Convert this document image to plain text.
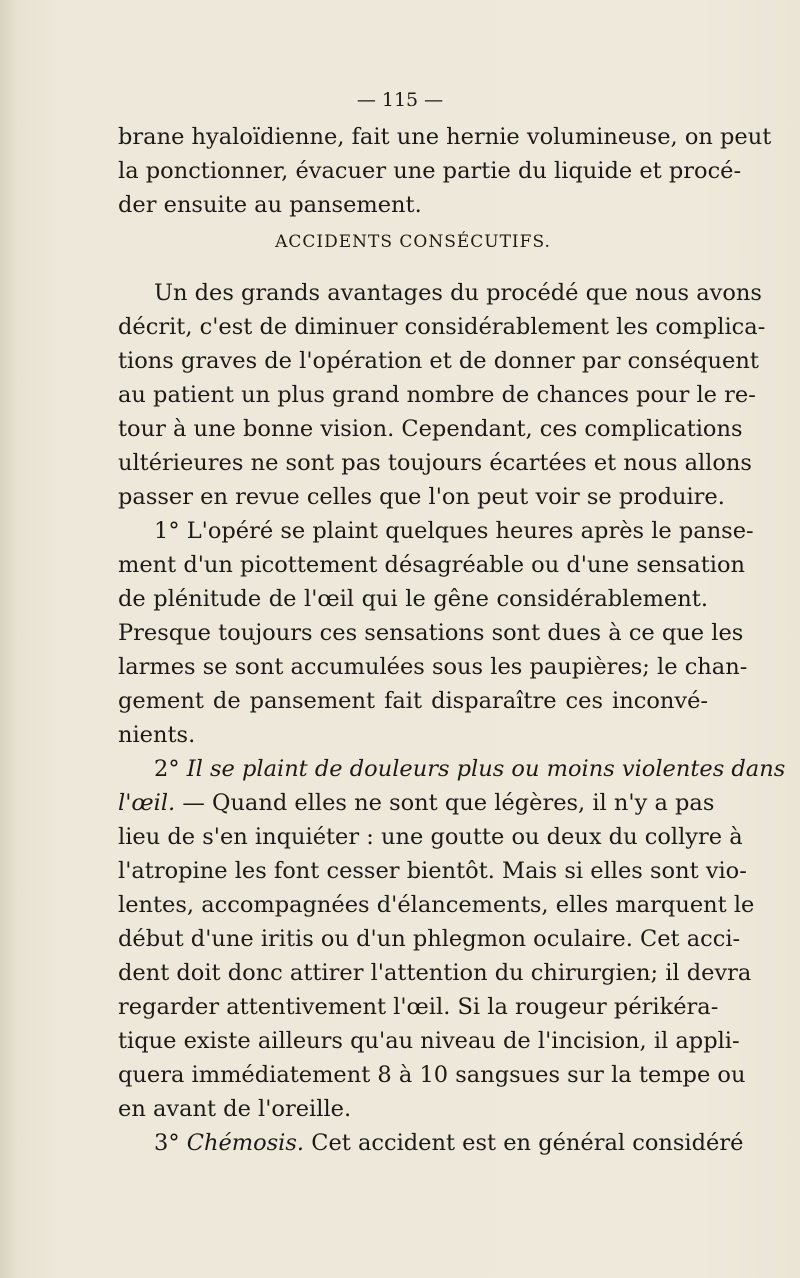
— 115 —
brane hyaloïdienne, fait une hernie volumineuse, on peut
la ponctionner, évacuer une partie du liquide et procé-
der ensuite au pansement.
ACCIDENTS CONSÉCUTIFS.
Un des grands avantages du procédé que nous avons
décrit, c'est de diminuer considérablement les complica-
tions graves de l'opération et de donner par conséquent
au patient un plus grand nombre de chances pour le re-
tour à une bonne vision. Cependant, ces complications
ultérieures ne sont pas toujours écartées et nous allons
passer en revue celles que l'on peut voir se produire.
1° L'opéré se plaint quelques heures après le panse-
ment d'un picottement désagréable ou d'une sensation
de plénitude de l'œil qui le gêne considérablement.
Presque toujours ces sensations sont dues à ce que les
larmes se sont accumulées sous les paupières; le chan-
gement de pansement fait disparaître ces inconvé-
nients.
2° Il se plaint de douleurs plus ou moins violentes dans
l'œil. — Quand elles ne sont que légères, il n'y a pas
lieu de s'en inquiéter : une goutte ou deux du collyre à
l'atropine les font cesser bientôt. Mais si elles sont vio-
lentes, accompagnées d'élancements, elles marquent le
début d'une iritis ou d'un phlegmon oculaire. Cet acci-
dent doit donc attirer l'attention du chirurgien; il devra
regarder attentivement l'œil. Si la rougeur périkéra-
tique existe ailleurs qu'au niveau de l'incision, il appli-
quera immédiatement 8 à 10 sangsues sur la tempe ou
en avant de l'oreille.
3° Chémosis. Cet accident est en général considéré
